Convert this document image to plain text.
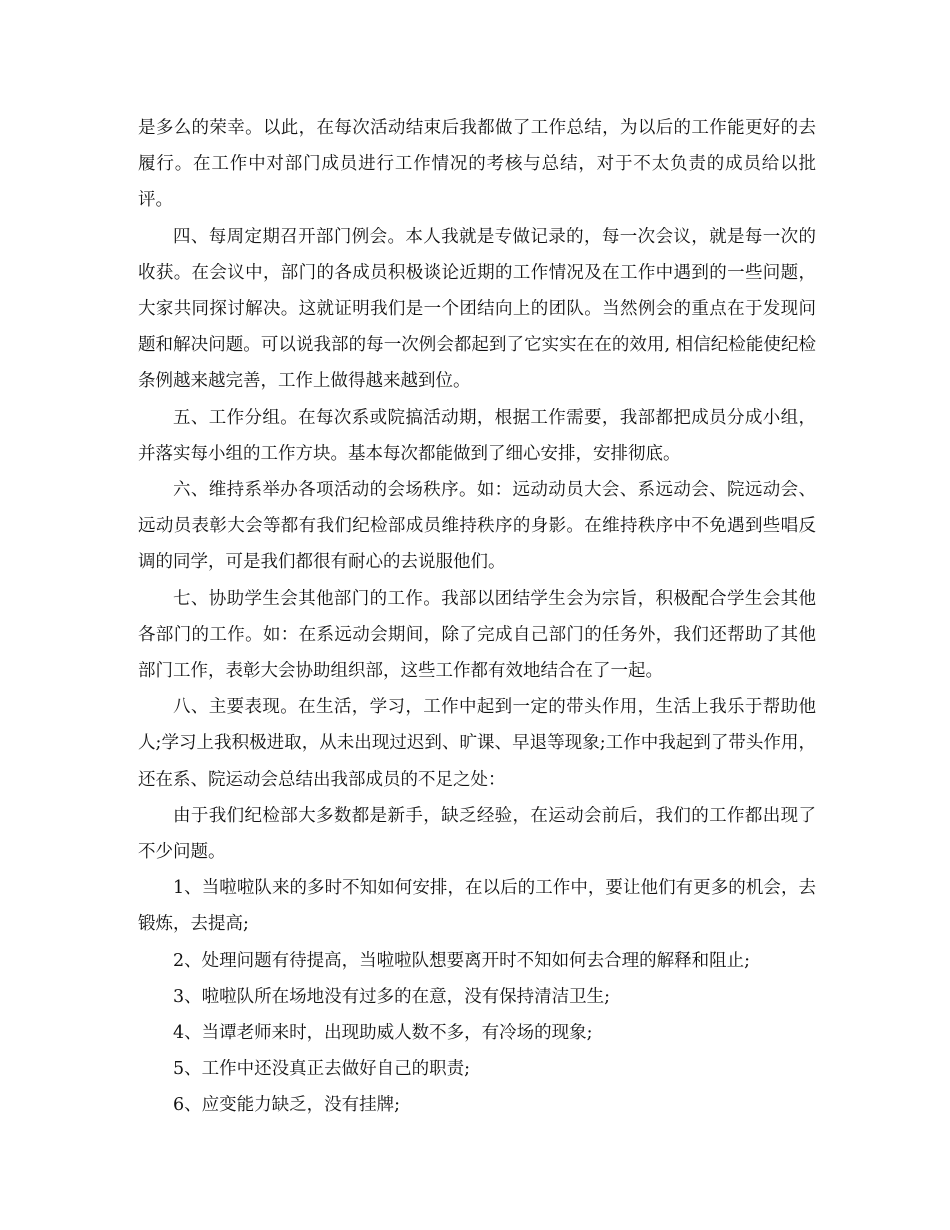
是多么的荣幸。以此，在每次活动结束后我都做了工作总结，为以后的工作能更好的去履行。在工作中对部门成员进行工作情况的考核与总结，对于不太负责的成员给以批评。

四、每周定期召开部门例会。本人我就是专做记录的，每一次会议，就是每一次的收获。在会议中，部门的各成员积极谈论近期的工作情况及在工作中遇到的一些问题，大家共同探讨解决。这就证明我们是一个团结向上的团队。当然例会的重点在于发现问题和解决问题。可以说我部的每一次例会都起到了它实实在在的效用, 相信纪检能使纪检条例越来越完善，工作上做得越来越到位。

五、工作分组。在每次系或院搞活动期，根据工作需要，我部都把成员分成小组，并落实每小组的工作方块。基本每次都能做到了细心安排，安排彻底。

六、维持系举办各项活动的会场秩序。如：远动动员大会、系远动会、院远动会、远动员表彰大会等都有我们纪检部成员维持秩序的身影。在维持秩序中不免遇到些唱反调的同学，可是我们都很有耐心的去说服他们。

七、协助学生会其他部门的工作。我部以团结学生会为宗旨，积极配合学生会其他各部门的工作。如：在系远动会期间，除了完成自己部门的任务外，我们还帮助了其他部门工作，表彰大会协助组织部，这些工作都有效地结合在了一起。

八、主要表现。在生活，学习，工作中起到一定的带头作用，生活上我乐于帮助他人;学习上我积极进取，从未出现过迟到、旷课、早退等现象;工作中我起到了带头作用，还在系、院运动会总结出我部成员的不足之处：

由于我们纪检部大多数都是新手，缺乏经验，在运动会前后，我们的工作都出现了不少问题。

1、当啦啦队来的多时不知如何安排，在以后的工作中，要让他们有更多的机会，去锻炼，去提高;

2、处理问题有待提高，当啦啦队想要离开时不知如何去合理的解释和阻止;

3、啦啦队所在场地没有过多的在意，没有保持清洁卫生;

4、当谭老师来时，出现助威人数不多，有冷场的现象;

5、工作中还没真正去做好自己的职责;

6、应变能力缺乏，没有挂牌;
